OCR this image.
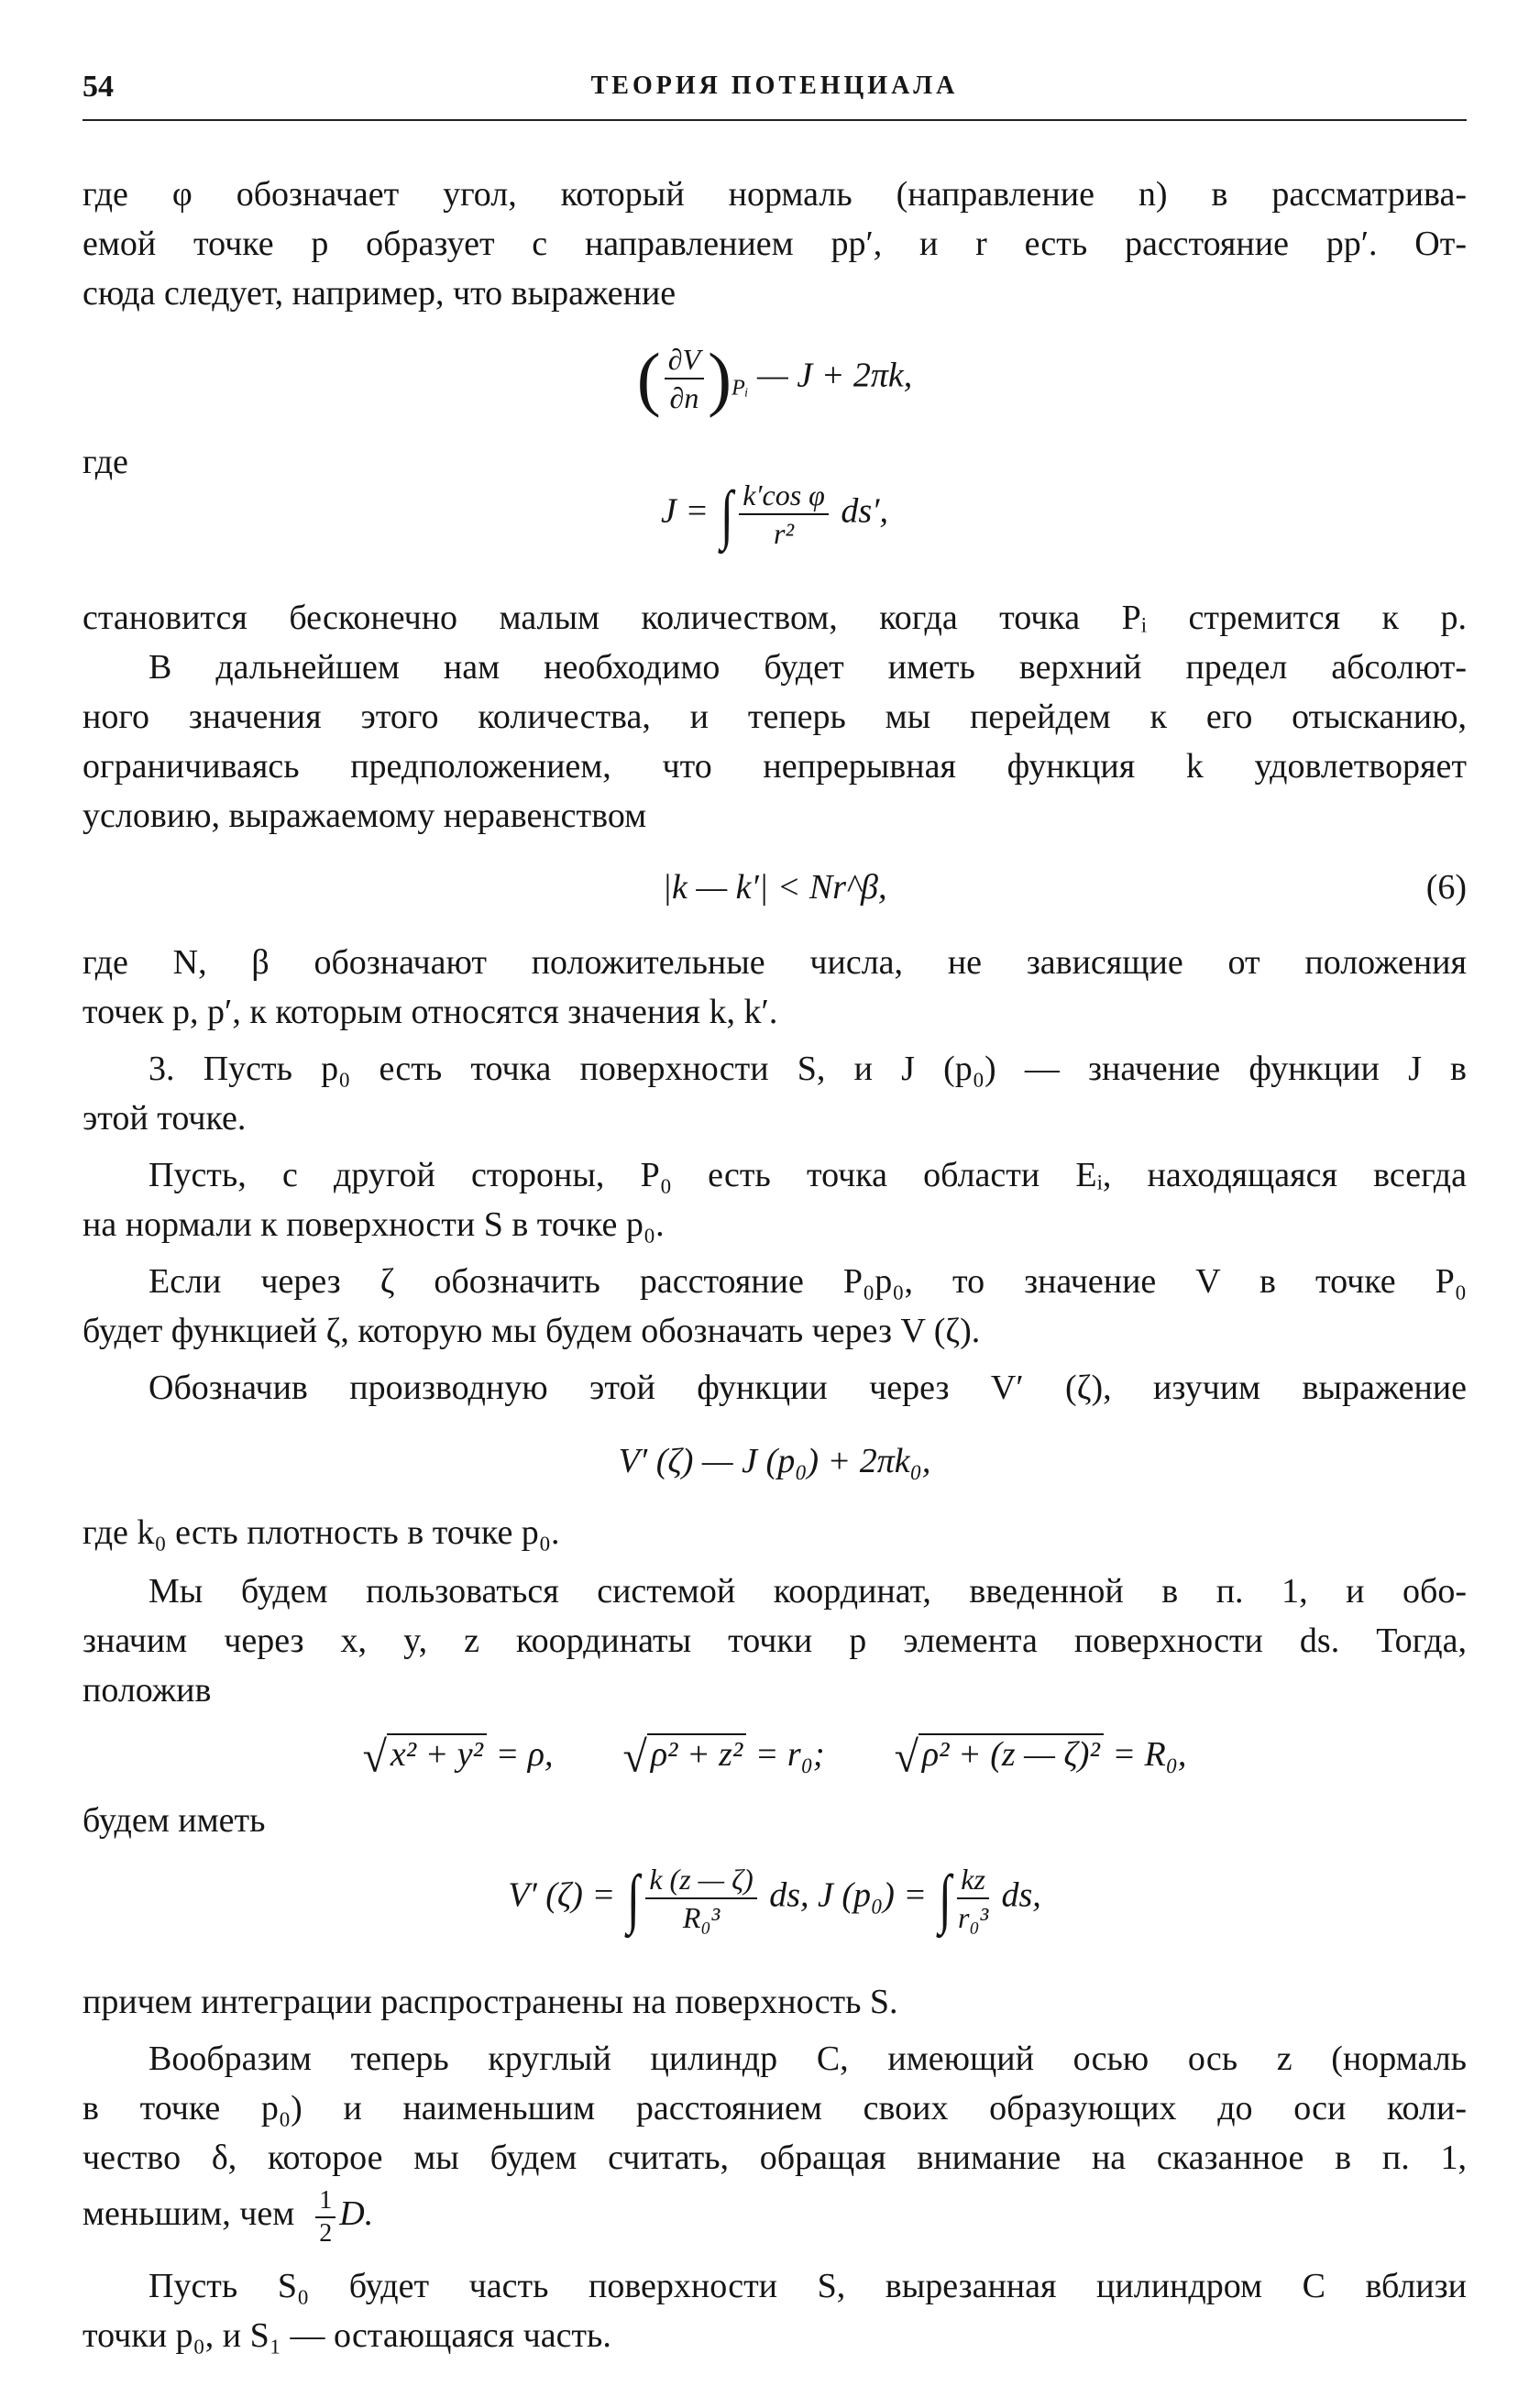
54	ТЕОРИЯ ПОТЕНЦИАЛА
где φ обозначает угол, который нормаль (направление n) в рассматрива-
емой точке p образует с направлением pp′, и r есть расстояние pp′. От-
сюда следует, например, что выражение
( $\frac{\partial V}{\partial n} )_{Pᵢ}$ — J + 2πk,
где
J = ∫ $\frac{\text{k′cos φ}}{\text{r²}} ds'$,
становится бесконечно малым количеством, когда точка Pᵢ стремится к p.
В дальнейшем нам необходимо будет иметь верхний предел абсолют-
ного значения этого количества, и теперь мы перейдем к его отысканию,
ограничиваясь предположением, что непрерывная функция k удовлетворяет
условию, выражаемому неравенством
|k — k′| < Nr^β,	(6)
где N, β обозначают положительные числа, не зависящие от положения
точек p, p′, к которым относятся значения k, k′.
3. Пусть p₀ есть точка поверхности S, и J (p₀) — значение функции J в
этой точке.
Пусть, с другой стороны, P₀ есть точка области Eᵢ, находящаяся всегда
на нормали к поверхности S в точке p₀.
Если через ζ обозначить расстояние P₀p₀, то значение V в точке P₀
будет функцией ζ, которую мы будем обозначать через V (ζ).
Обозначив производную этой функции через V′ (ζ), изучим выражение
V′ (ζ) — J (p₀) + 2πk₀,
где k₀ есть плотность в точке p₀.
Мы будем пользоваться системой координат, введенной в п. 1, и обо-
значим через x, y, z координаты точки p элемента поверхности ds. Тогда,
положив
√ x² + y² = ρ, √ ρ² + z² = r₀; √ ρ² + (z — ζ)² = R₀,
будем иметь
V′ (ζ) = ∫ $\frac{k (z — \zeta)}{\text{R₀³}}$ ds, J (p₀) = ∫ $\frac{kz}{\text{r₀³}}$ ds,
причем интеграции распространены на поверхность S.
Вообразим теперь круглый цилиндр C, имеющий осью ось z (нормаль
в точке p₀) и наименьшим расстоянием своих образующих до оси коли-
чество δ, которое мы будем считать, обращая внимание на сказанное в п. 1,
меньшим, чем $\frac{1}{2} D$.
Пусть S₀ будет часть поверхности S, вырезанная цилиндром C вблизи
точки p₀, и S₁ — остающаяся часть.
